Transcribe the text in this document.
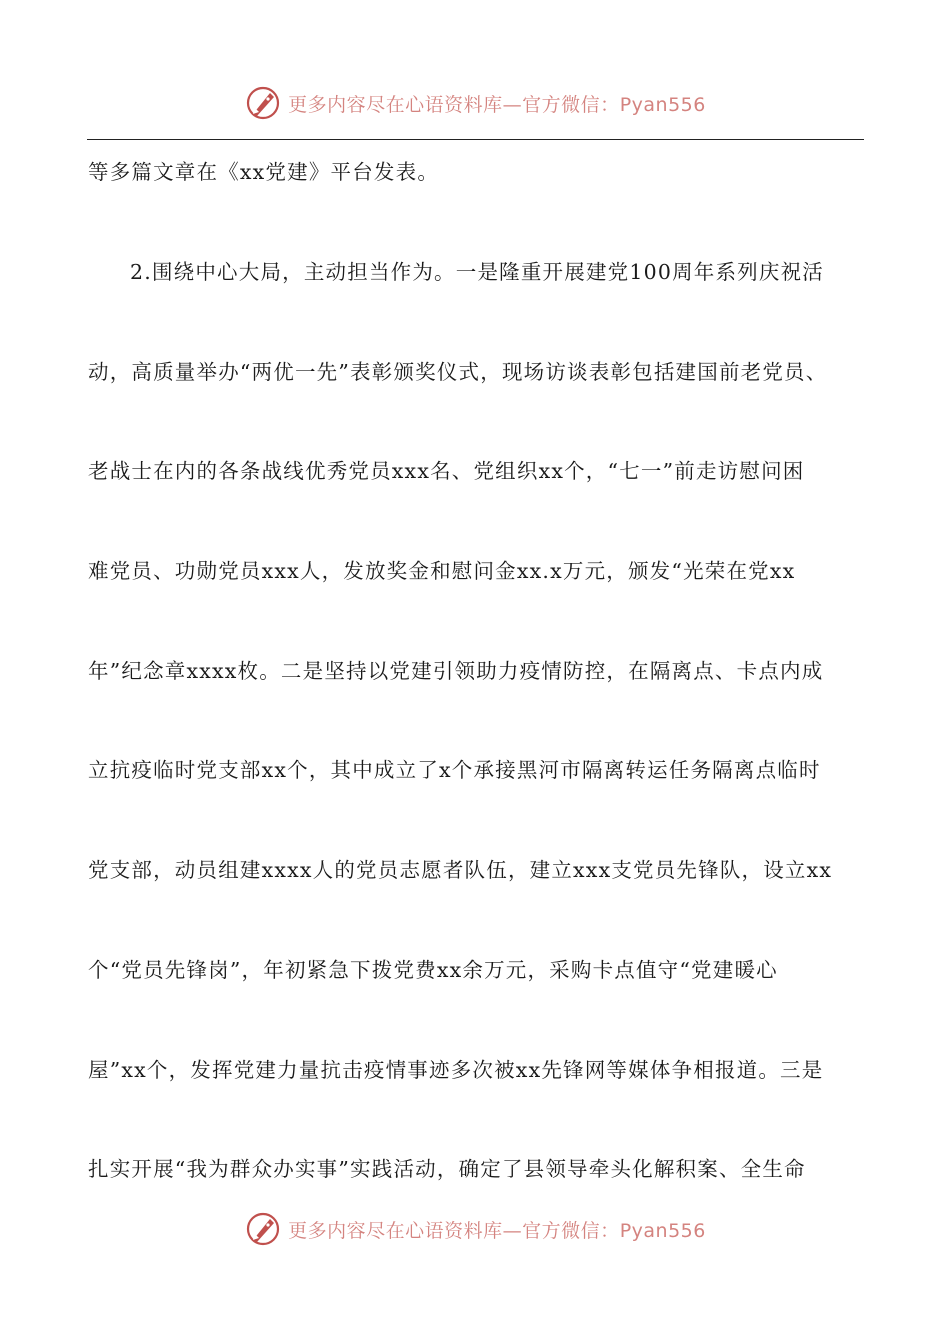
更多内容尽在心语资料库—官方微信：Pyan556
等多篇文章在《xx党建》平台发表。
2.围绕中心大局，主动担当作为。一是隆重开展建党100周年系列庆祝活
动，高质量举办“两优一先”表彰颁奖仪式，现场访谈表彰包括建国前老党员、
老战士在内的各条战线优秀党员xxx名、党组织xx个，“七一”前走访慰问困
难党员、功勋党员xxx人，发放奖金和慰问金xx.x万元，颁发“光荣在党xx
年”纪念章xxxx枚。二是坚持以党建引领助力疫情防控，在隔离点、卡点内成
立抗疫临时党支部xx个，其中成立了x个承接黑河市隔离转运任务隔离点临时
党支部，动员组建xxxx人的党员志愿者队伍，建立xxx支党员先锋队，设立xx
个“党员先锋岗”，年初紧急下拨党费xx余万元，采购卡点值守“党建暖心
屋”xx个，发挥党建力量抗击疫情事迹多次被xx先锋网等媒体争相报道。三是
扎实开展“我为群众办实事”实践活动，确定了县领导牵头化解积案、全生命
更多内容尽在心语资料库—官方微信：Pyan556
